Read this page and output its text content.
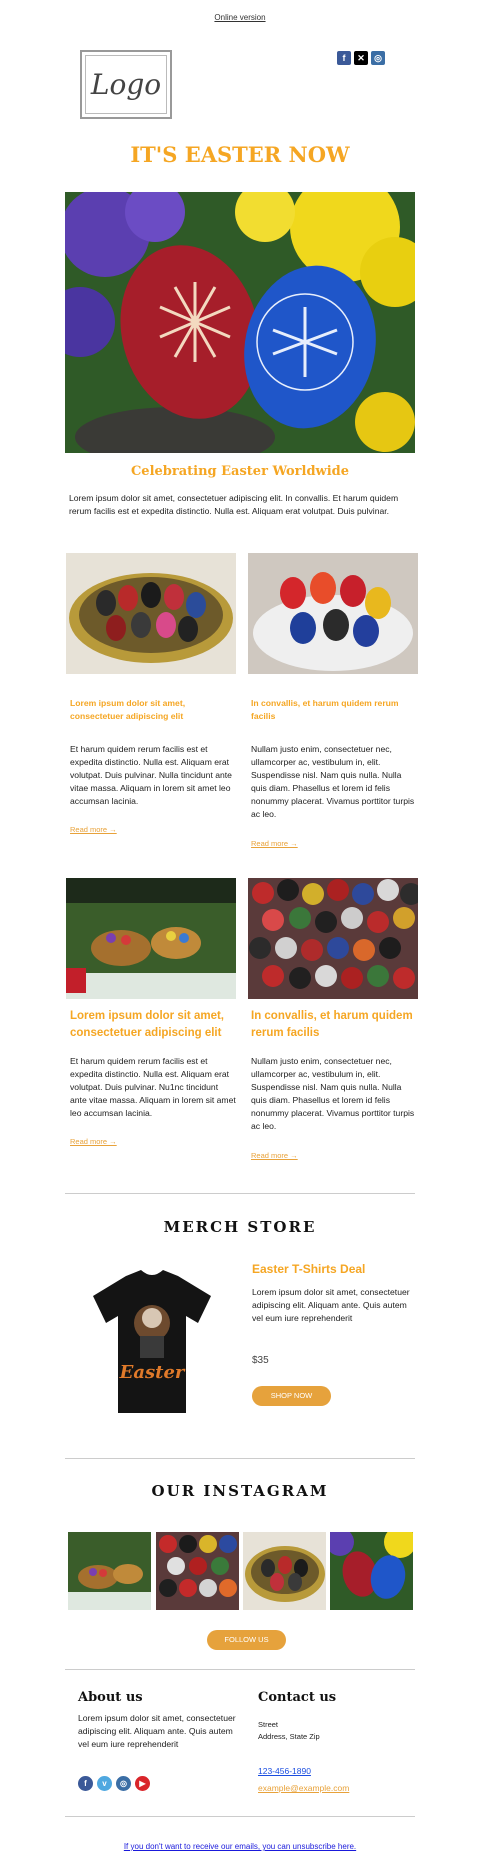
Online version
Logo
f	✕	◎
IT'S EASTER NOW
Celebrating Easter Worldwide
Lorem ipsum dolor sit amet, consectetuer adipiscing elit. In convallis. Et harum quidem rerum facilis est et expedita distinctio. Nulla est. Aliquam erat volutpat. Duis pulvinar.
Lorem ipsum dolor sit amet, consectetuer adipiscing elit
Et harum quidem rerum facilis est et expedita distinctio. Nulla est. Aliquam erat volutpat. Duis pulvinar. Nulla tincidunt ante vitae massa. Aliquam in lorem sit amet leo accumsan lacinia.
Read more →
In convallis, et harum quidem rerum facilis
Nullam justo enim, consectetuer nec, ullamcorper ac, vestibulum in, elit. Suspendisse nisl. Nam quis nulla. Nulla quis diam. Phasellus et lorem id felis nonummy placerat. Vivamus porttitor turpis ac leo.
Read more →
Lorem ipsum dolor sit amet, consectetuer adipiscing elit
Et harum quidem rerum facilis est et expedita distinctio. Nulla est. Aliquam erat volutpat. Duis pulvinar. Nu1nc tincidunt ante vitae massa. Aliquam in lorem sit amet leo accumsan lacinia.
Read more →
In convallis, et harum quidem rerum facilis
Nullam justo enim, consectetuer nec, ullamcorper ac, vestibulum in, elit. Suspendisse nisl. Nam quis nulla. Nulla quis diam. Phasellus et lorem id felis nonummy placerat. Vivamus porttitor turpis ac leo.
Read more →
MERCH STORE
Easter
Easter T-Shirts Deal
Lorem ipsum dolor sit amet, consectetuer adipiscing elit. Aliquam ante. Quis autem vel eum iure reprehenderit
$35
SHOP NOW
OUR INSTAGRAM
FOLLOW US
About us
Lorem ipsum dolor sit amet, consectetuer adipiscing elit. Aliquam ante. Quis autem vel eum iure reprehenderit
f	v	◎	▶
Contact us
Street
Address, State Zip
123-456-1890
example@example.com
If you don't want to receive our emails, you can unsubscribe here.
